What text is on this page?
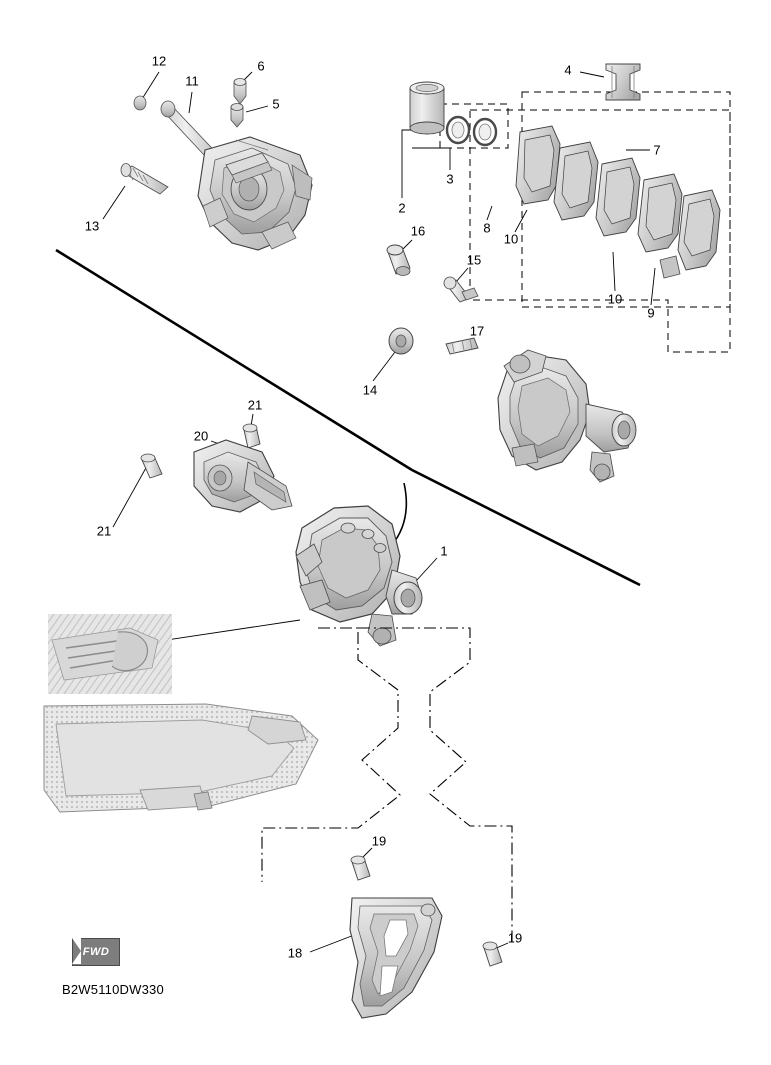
12	6
11
4
5
7
3
13
2
8
10
16
15
10
9
17
14
21
20
21
1
19
18
19
FWD
B2W5110DW330
